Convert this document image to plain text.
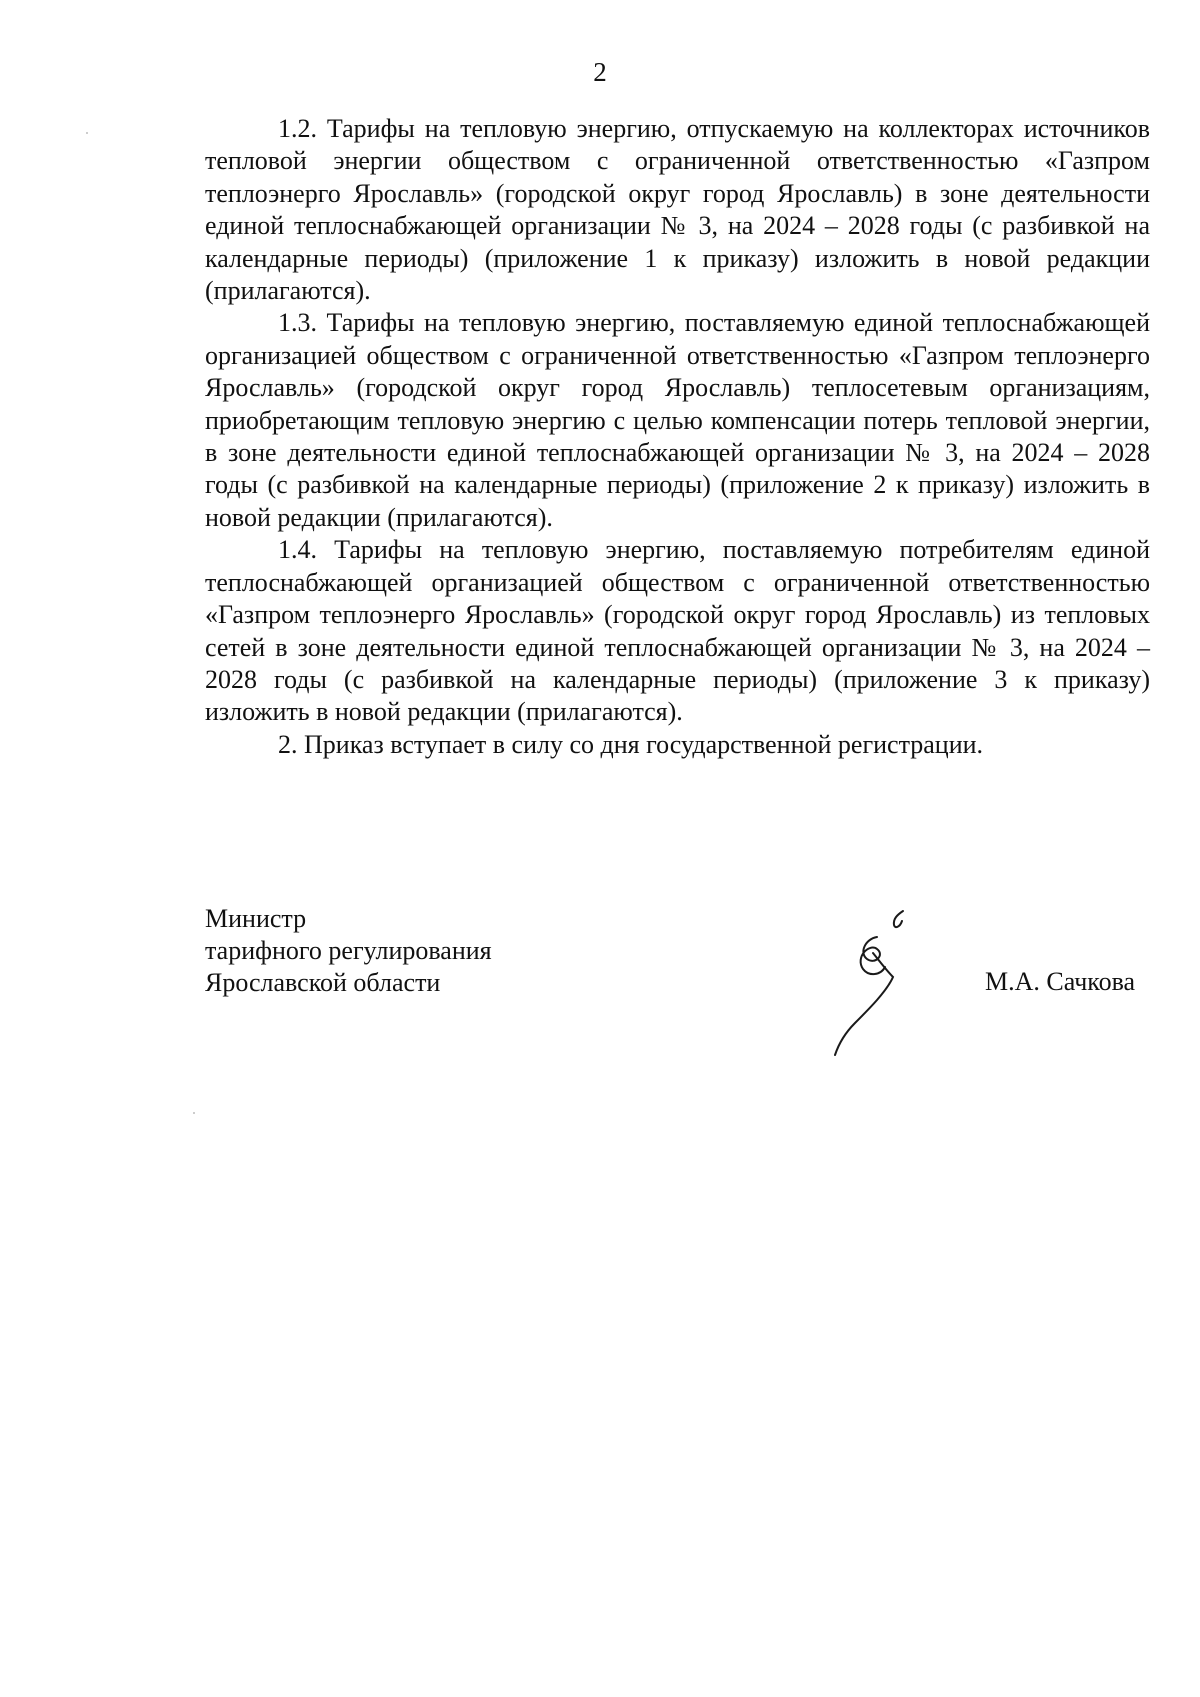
2

1.2. Тарифы на тепловую энергию, отпускаемую на коллекторах источников тепловой энергии обществом с ограниченной ответственностью «Газпром теплоэнерго Ярославль» (городской округ город Ярославль) в зоне деятельности единой теплоснабжающей организации № 3, на 2024 – 2028 годы (с разбивкой на календарные периоды) (приложение 1 к приказу) изложить в новой редакции (прилагаются).

1.3. Тарифы на тепловую энергию, поставляемую единой теплоснабжающей организацией обществом с ограниченной ответственностью «Газпром теплоэнерго Ярославль» (городской округ город Ярославль) теплосетевым организациям, приобретающим тепловую энергию с целью компенсации потерь тепловой энергии, в зоне деятельности единой теплоснабжающей организации № 3, на 2024 – 2028 годы (с разбивкой на календарные периоды) (приложение 2 к приказу) изложить в новой редакции (прилагаются).

1.4. Тарифы на тепловую энергию, поставляемую потребителям единой теплоснабжающей организацией обществом с ограниченной ответственностью «Газпром теплоэнерго Ярославль» (городской округ город Ярославль) из тепловых сетей в зоне деятельности единой теплоснабжающей организации № 3, на 2024 – 2028 годы (с разбивкой на календарные периоды) (приложение 3 к приказу) изложить в новой редакции (прилагаются).

2. Приказ вступает в силу со дня государственной регистрации.

Министр
тарифного регулирования
Ярославской области	М.А. Сачкова
